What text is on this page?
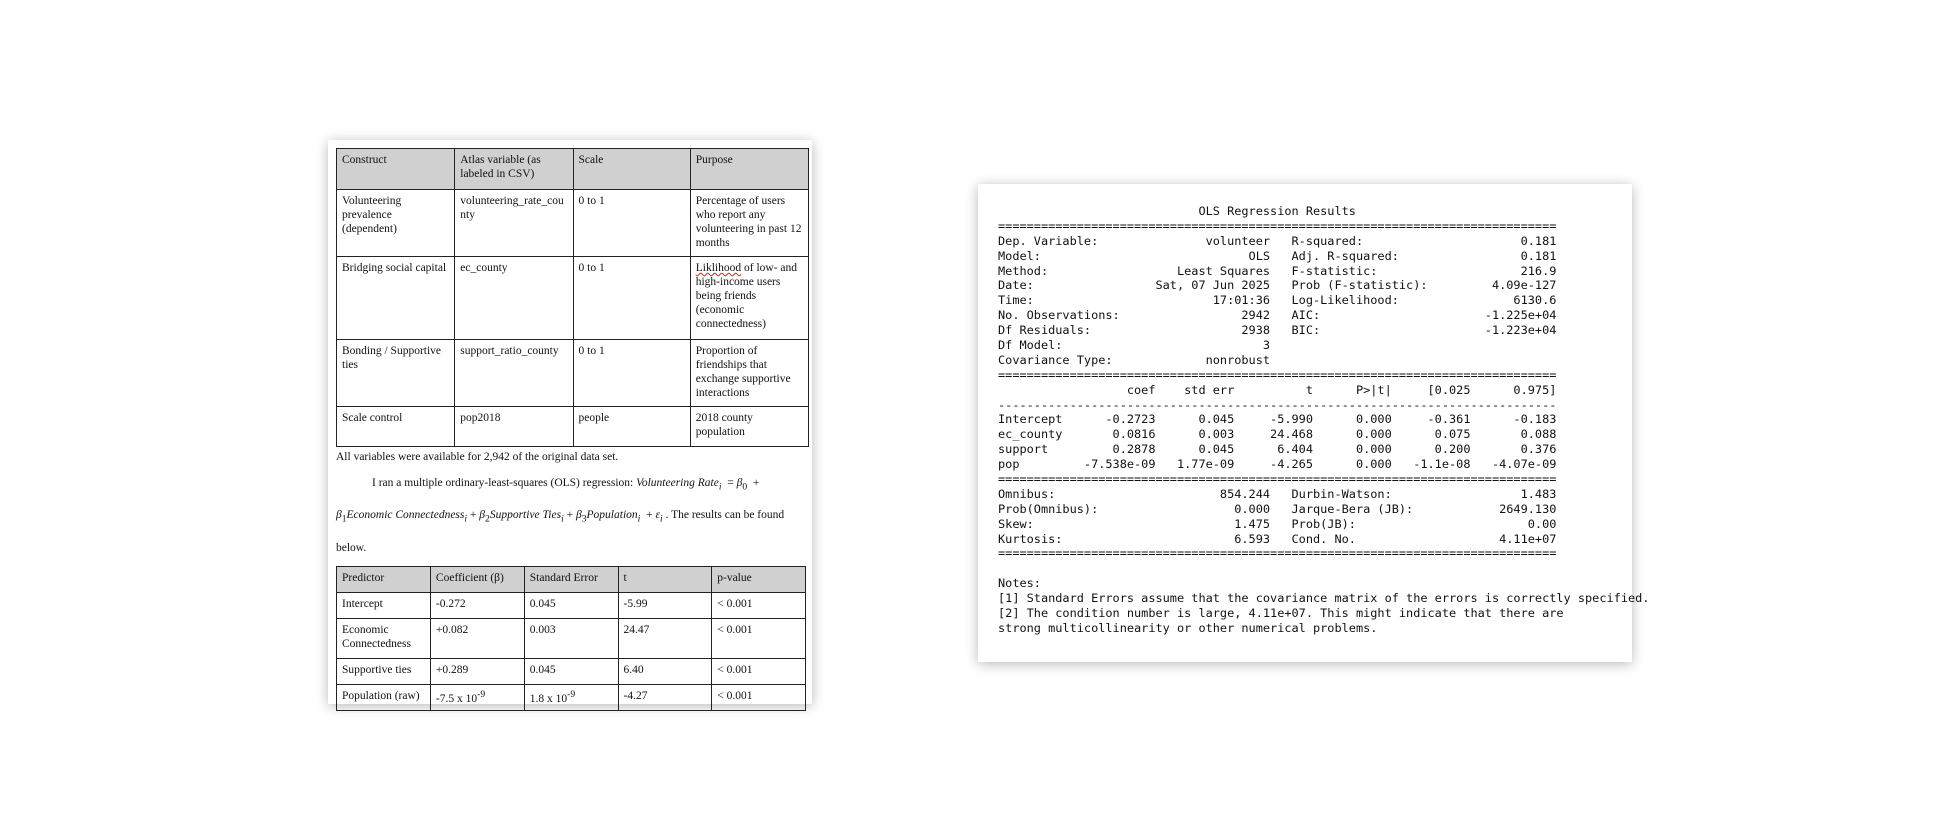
Construct	Atlas variable (as labeled in CSV)	Scale	Purpose
Volunteering prevalence (dependent)	volunteering_rate_county	0 to 1	Percentage of users who report any volunteering in past 12 months
Bridging social capital	ec_county	0 to 1	Liklihood of low- and high-income users being friends (economic connectedness)
Bonding / Supportive ties	support_ratio_county	0 to 1	Proportion of friendships that exchange supportive interactions
Scale control	pop2018	people	2018 county population

All variables were available for 2,942 of the original data set.

I ran a multiple ordinary-least-squares (OLS) regression: Volunteering Rate$_i$  = $\beta_0$  + $\beta_1Economic$ Connectedness$_i$ + $\beta_2Supportive$ Ties$_i$ + $\beta_3Population_i + \varepsilon_i$ . The results can be found below.

Predictor	Coefficient (β)	Standard Error	t	p-value
Intercept	-0.272	0.045	-5.99	< 0.001
Economic Connectedness	+0.082	0.003	24.47	< 0.001
Supportive ties	+0.289	0.045	6.40	< 0.001
Population (raw)	-7.5 x $10^{-9}$	1.8 x $10^{-9}$	-4.27	< 0.001
OLS Regression Results
==============================================================================
Dep. Variable:               volunteer   R-squared:                      0.181
Model:                             OLS   Adj. R-squared:                 0.181
Method:                  Least Squares   F-statistic:                    216.9
Date:                 Sat, 07 Jun 2025   Prob (F-statistic):         4.09e-127
Time:                         17:01:36   Log-Likelihood:                6130.6
No. Observations:                 2942   AIC:                       -1.225e+04
Df Residuals:                     2938   BIC:                       -1.223e+04
Df Model:                            3
Covariance Type:             nonrobust
==============================================================================
coef    std err          t      P>|t|     [0.025      0.975]
------------------------------------------------------------------------------
Intercept      -0.2723      0.045     -5.990      0.000     -0.361      -0.183
ec_county       0.0816      0.003     24.468      0.000      0.075       0.088
support         0.2878      0.045      6.404      0.000      0.200       0.376
pop         -7.538e-09   1.77e-09     -4.265      0.000   -1.1e-08   -4.07e-09
==============================================================================
Omnibus:                       854.244   Durbin-Watson:                  1.483
Prob(Omnibus):                   0.000   Jarque-Bera (JB):            2649.130
Skew:                            1.475   Prob(JB):                        0.00
Kurtosis:                        6.593   Cond. No.                    4.11e+07
==============================================================================

Notes:
[1] Standard Errors assume that the covariance matrix of the errors is correctly specified.
[2] The condition number is large, 4.11e+07. This might indicate that there are
strong multicollinearity or other numerical problems.
